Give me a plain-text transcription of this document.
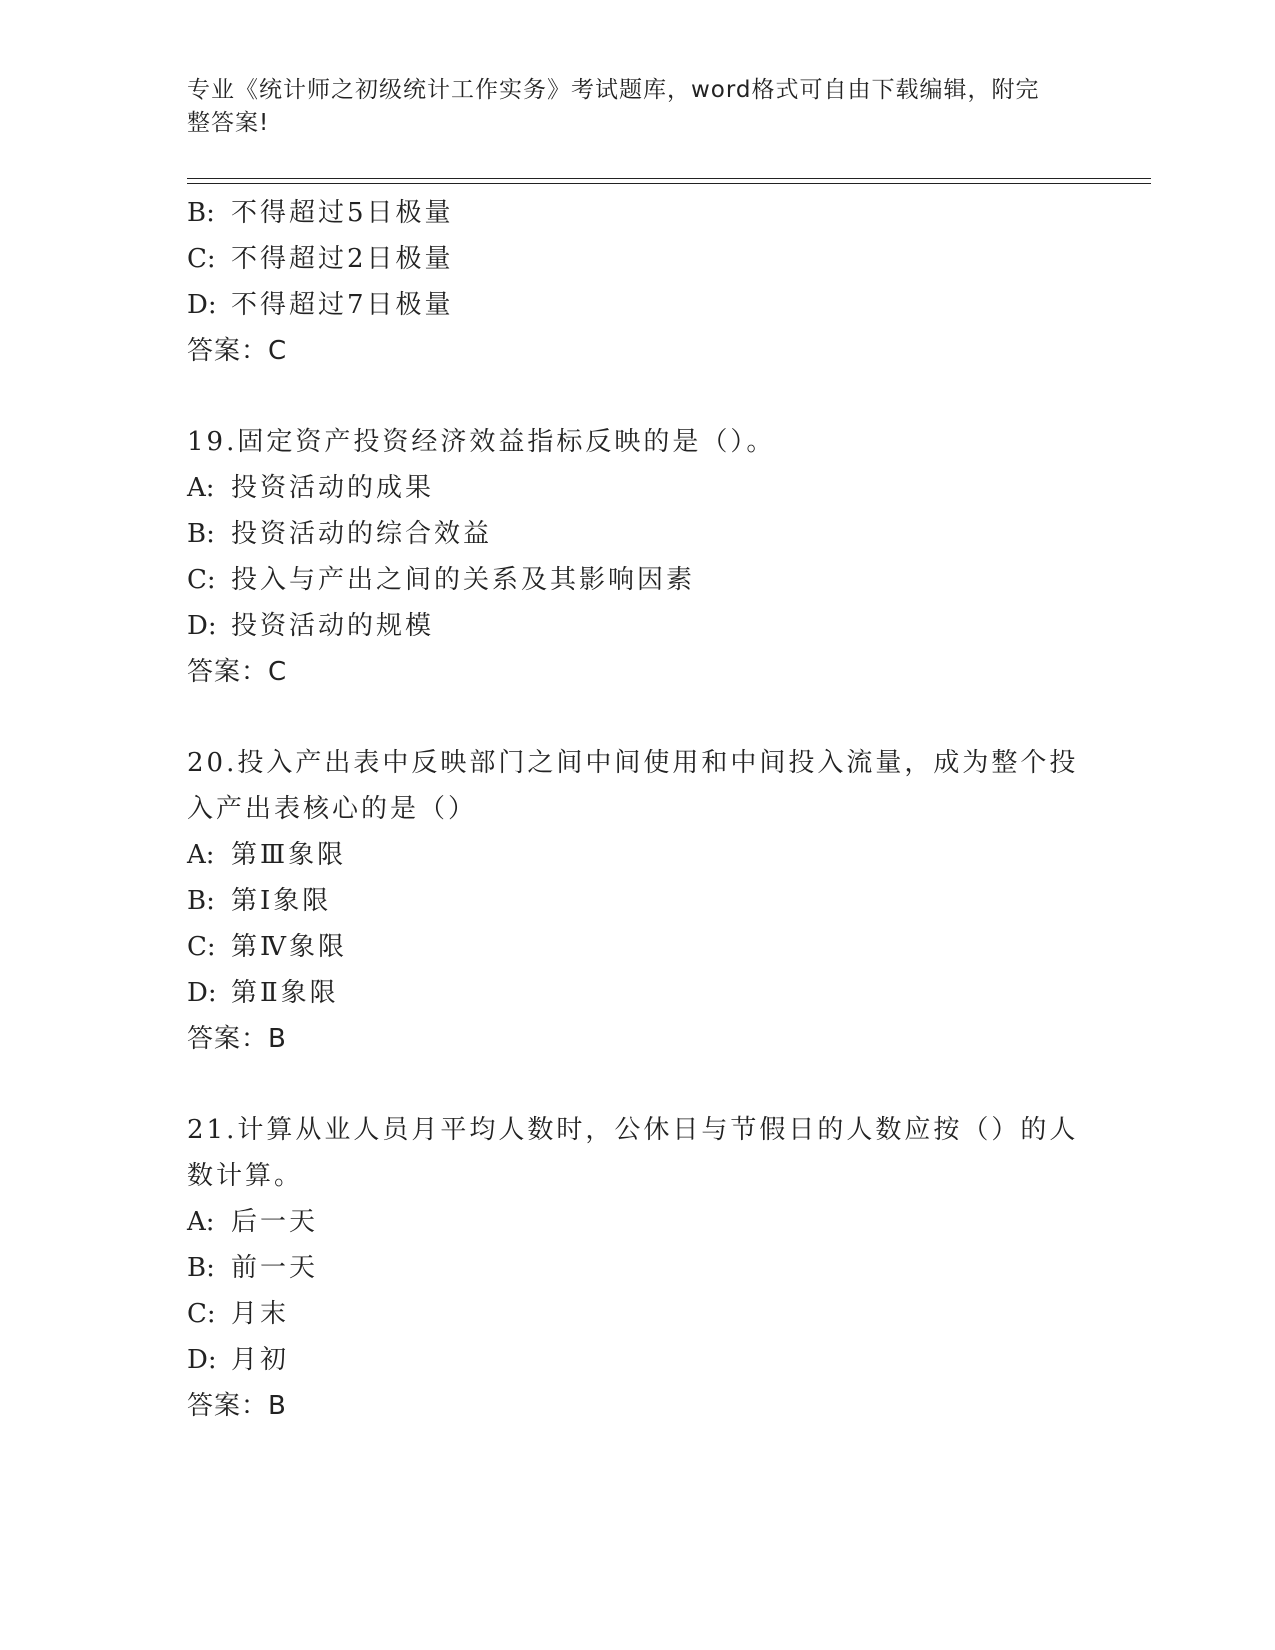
专业《统计师之初级统计工作实务》考试题库，word格式可自由下载编辑，附完
整答案!
B: 不得超过5日极量
C: 不得超过2日极量
D: 不得超过7日极量
答案：C
19.固定资产投资经济效益指标反映的是（）。
A: 投资活动的成果
B: 投资活动的综合效益
C: 投入与产出之间的关系及其影响因素
D: 投资活动的规模
答案：C
20.投入产出表中反映部门之间中间使用和中间投入流量，成为整个投
入产出表核心的是（）
A: 第Ⅲ象限
B: 第Ⅰ象限
C: 第Ⅳ象限
D: 第Ⅱ象限
答案：B
21.计算从业人员月平均人数时，公休日与节假日的人数应按（）的人
数计算。
A: 后一天
B: 前一天
C: 月末
D: 月初
答案：B
